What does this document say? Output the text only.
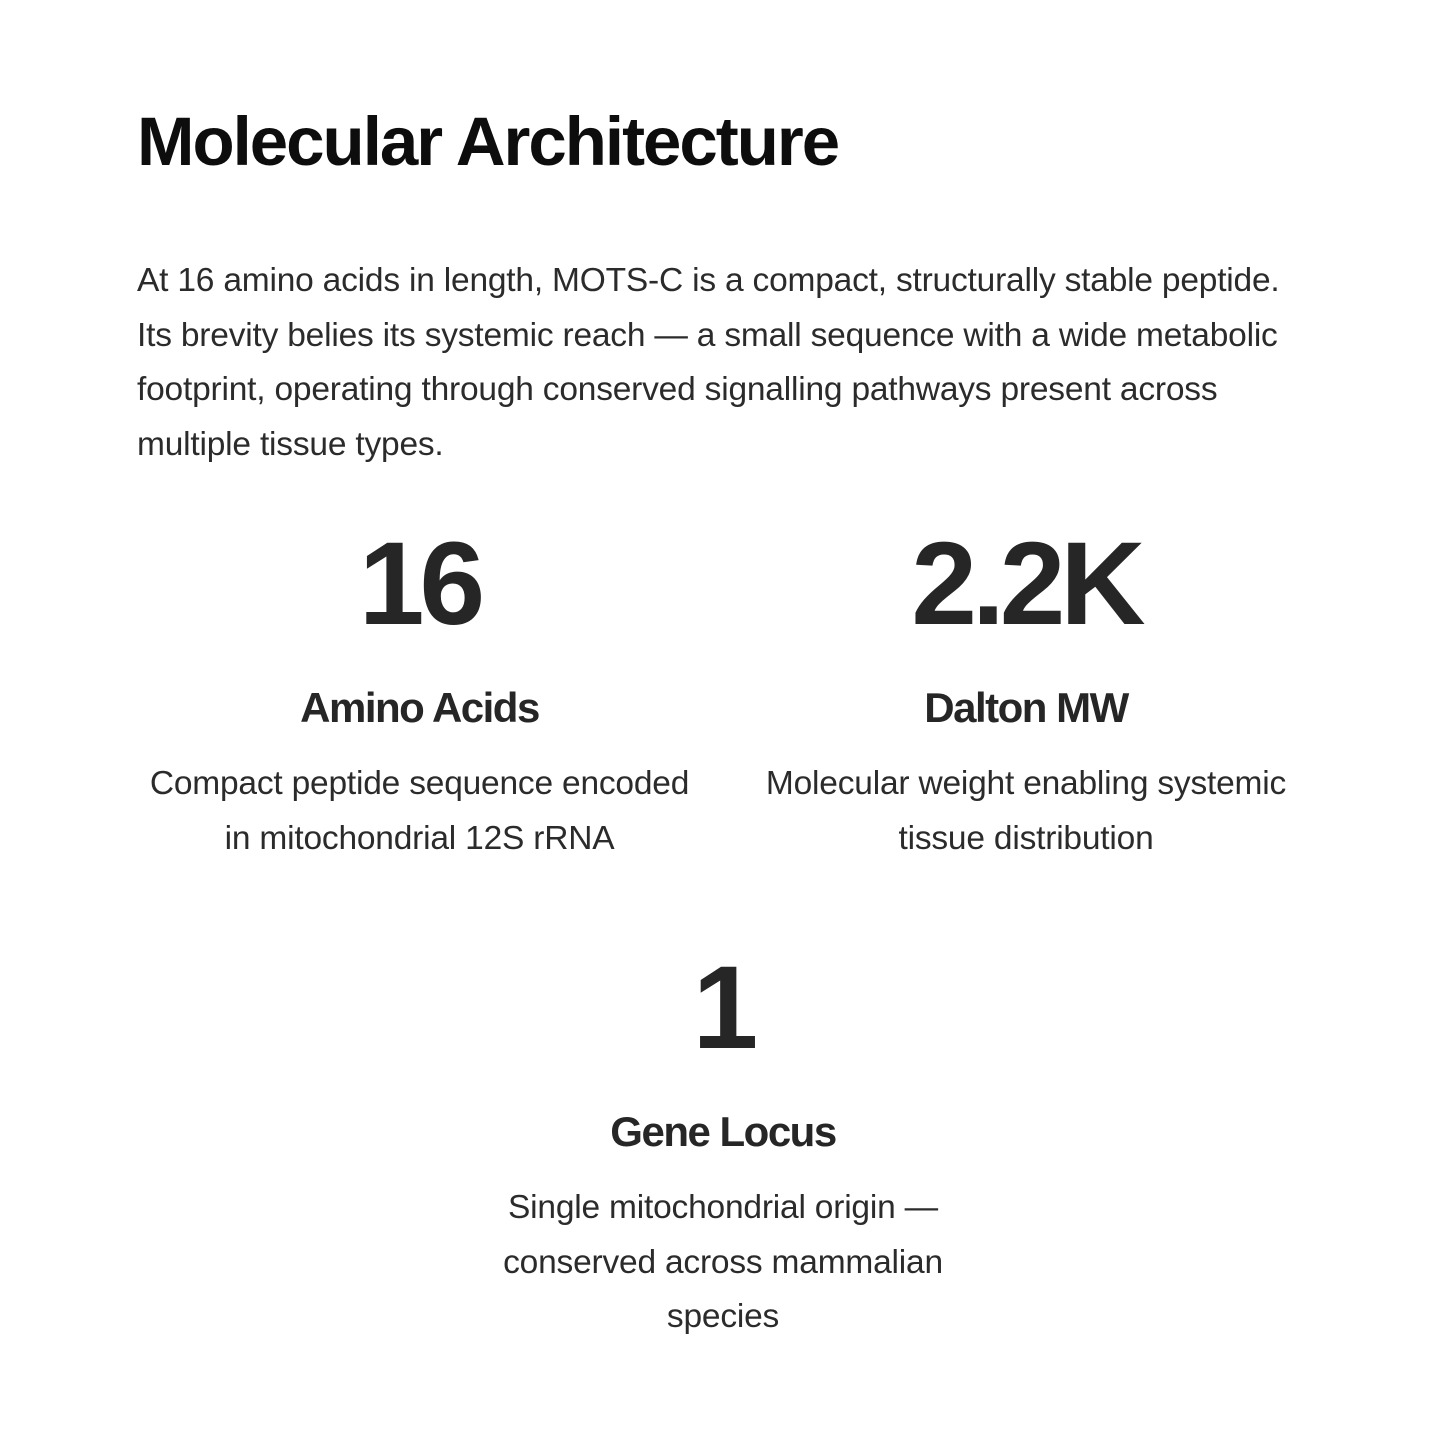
Molecular Architecture

At 16 amino acids in length, MOTS-C is a compact, structurally stable peptide. Its brevity belies its systemic reach — a small sequence with a wide metabolic footprint, operating through conserved signalling pathways present across multiple tissue types.

16
Amino Acids
Compact peptide sequence encoded in mitochondrial 12S rRNA
2.2K
Dalton MW
Molecular weight enabling systemic tissue distribution
1
Gene Locus
Single mitochondrial origin — conserved across mammalian species
